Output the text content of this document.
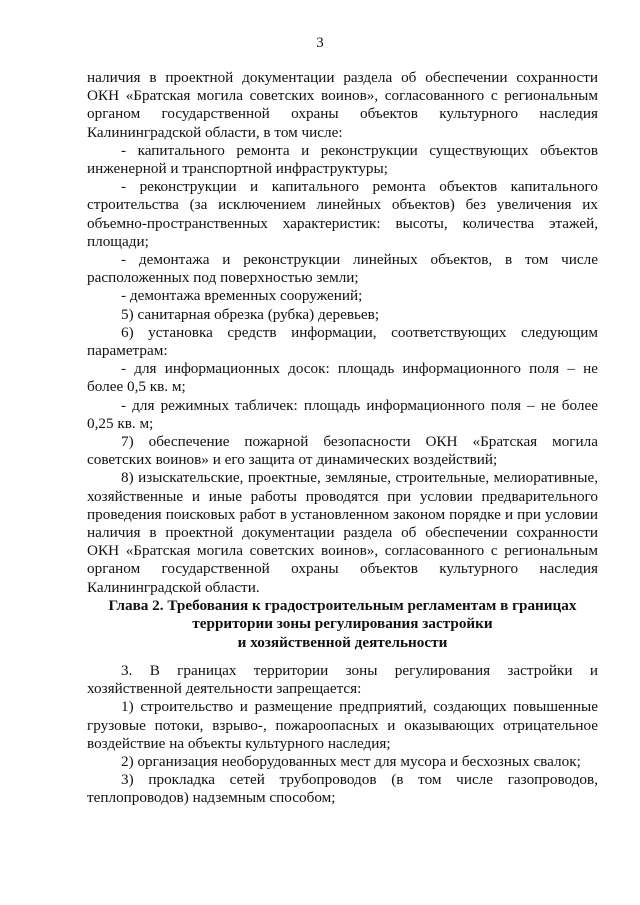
3

наличия в проектной документации раздела об обеспечении сохранности ОКН «Братская могила советских воинов», согласованного с региональным органом государственной охраны объектов культурного наследия Калининградской области, в том числе:

- капитального ремонта и реконструкции существующих объектов инженерной и транспортной инфраструктуры;

- реконструкции и капитального ремонта объектов капитального строительства (за исключением линейных объектов) без увеличения их объемно-пространственных характеристик: высоты, количества этажей, площади;

- демонтажа и реконструкции линейных объектов, в том числе расположенных под поверхностью земли;

- демонтажа временных сооружений;

5) санитарная обрезка (рубка) деревьев;

6) установка средств информации, соответствующих следующим параметрам:

- для информационных досок: площадь информационного поля – не более 0,5 кв. м;

- для режимных табличек: площадь информационного поля – не более 0,25 кв. м;

7) обеспечение пожарной безопасности ОКН «Братская могила советских воинов» и его защита от динамических воздействий;

8) изыскательские, проектные, земляные, строительные, мелиоративные, хозяйственные и иные работы проводятся при условии предварительного проведения поисковых работ в установленном законом порядке и при условии наличия в проектной документации раздела об обеспечении сохранности ОКН «Братская могила советских воинов», согласованного с региональным органом государственной охраны объектов культурного наследия Калининградской области.

Глава 2. Требования к градостроительным регламентам в границах
территории зоны регулирования застройки
и хозяйственной деятельности

3. В границах территории зоны регулирования застройки и хозяйственной деятельности запрещается:

1) строительство и размещение предприятий, создающих повышенные грузовые потоки, взрыво-, пожароопасных и оказывающих отрицательное воздействие на объекты культурного наследия;

2) организация необорудованных мест для мусора и бесхозных свалок;

3) прокладка сетей трубопроводов (в том числе газопроводов, теплопроводов) надземным способом;
